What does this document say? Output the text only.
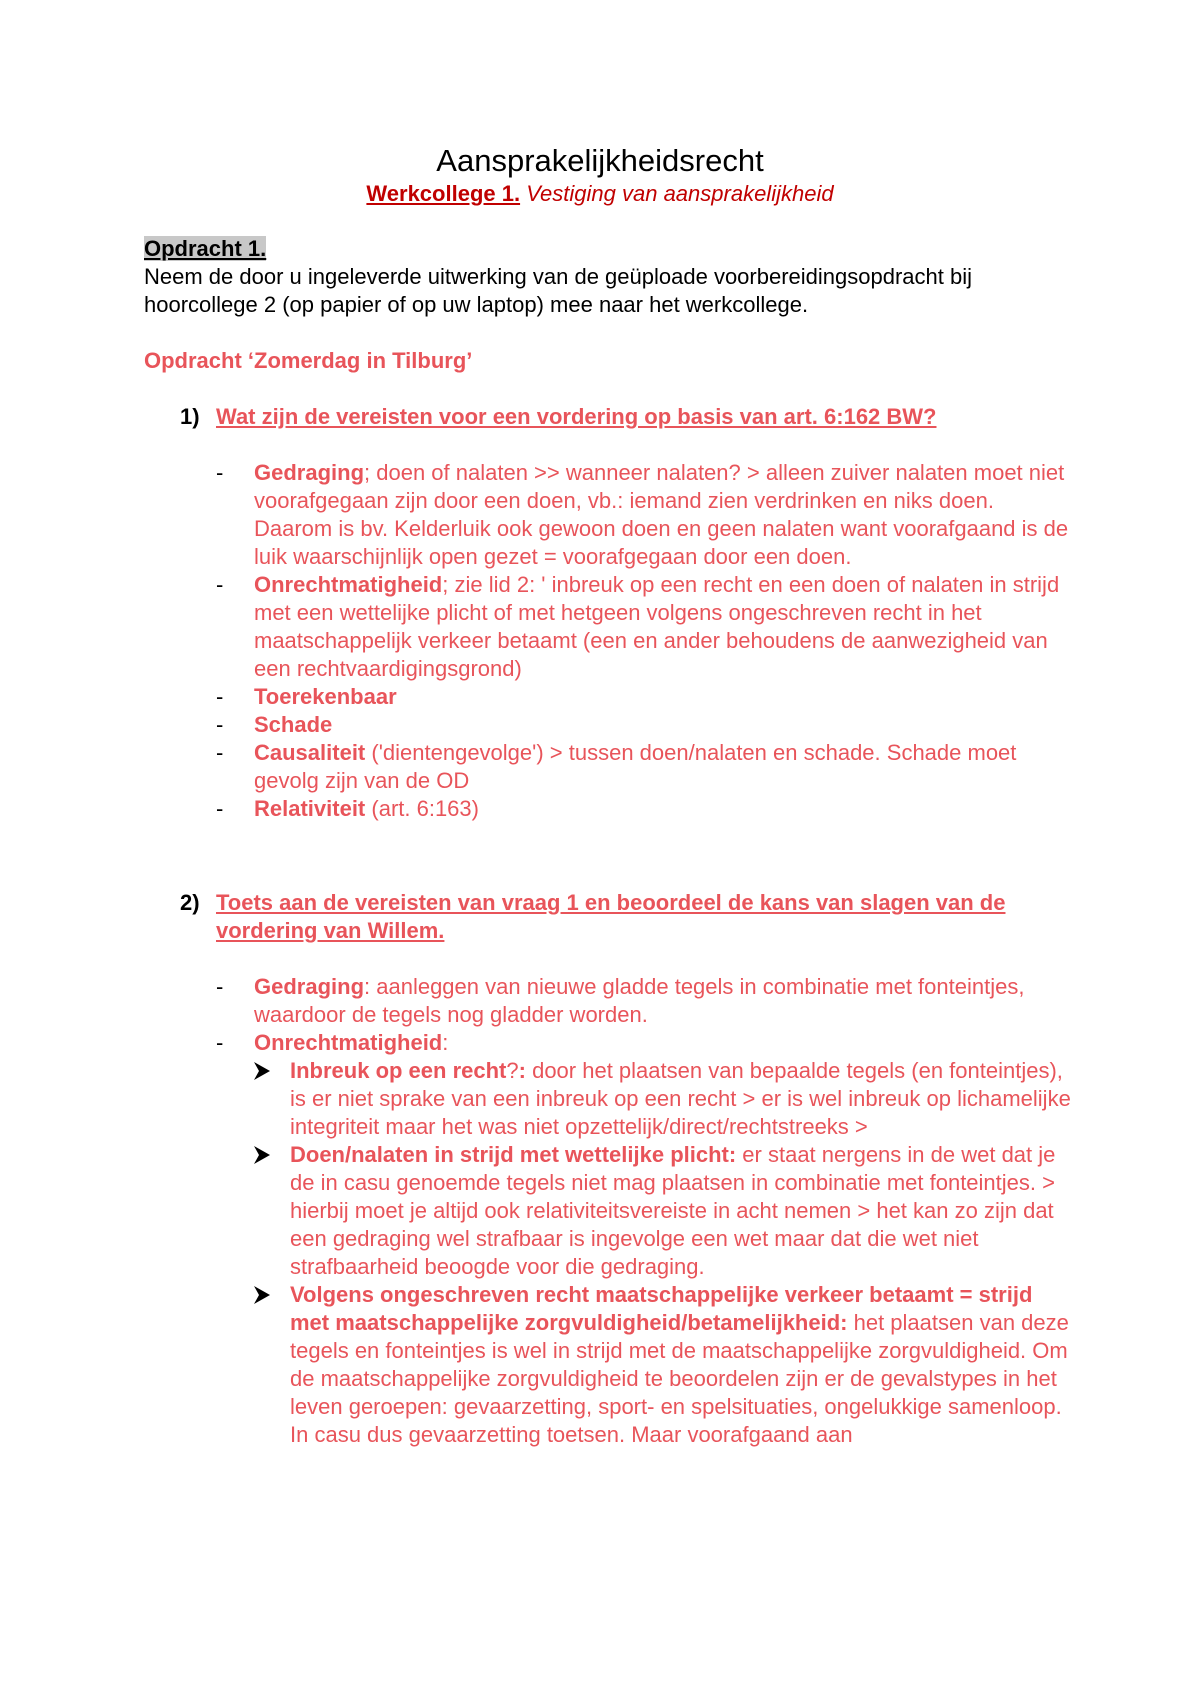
Aansprakelijkheidsrecht
Werkcollege 1. Vestiging van aansprakelijkheid
Opdracht 1.
Neem de door u ingeleverde uitwerking van de geüploade voorbereidingsopdracht bij
hoorcollege 2 (op papier of op uw laptop) mee naar het werkcollege.
Opdracht ‘Zomerdag in Tilburg’
1) Wat zijn de vereisten voor een vordering op basis van art. 6:162 BW?
- Gedraging; doen of nalaten >> wanneer nalaten? > alleen zuiver nalaten moet niet voorafgegaan zijn door een doen, vb.: iemand zien verdrinken en niks doen. Daarom is bv. Kelderluik ook gewoon doen en geen nalaten want voorafgaand is de luik waarschijnlijk open gezet = voorafgegaan door een doen.
- Onrechtmatigheid; zie lid 2: ' inbreuk op een recht en een doen of nalaten in strijd met een wettelijke plicht of met hetgeen volgens ongeschreven recht in het maatschappelijk verkeer betaamt (een en ander behoudens de aanwezigheid van een rechtvaardigingsgrond)
- Toerekenbaar
- Schade
- Causaliteit ('dientengevolge') > tussen doen/nalaten en schade. Schade moet gevolg zijn van de OD
- Relativiteit (art. 6:163)
2) Toets aan de vereisten van vraag 1 en beoordeel de kans van slagen van de vordering van Willem.
- Gedraging: aanleggen van nieuwe gladde tegels in combinatie met fonteintjes, waardoor de tegels nog gladder worden.
- Onrechtmatigheid:
Inbreuk op een recht?: door het plaatsen van bepaalde tegels (en fonteintjes), is er niet sprake van een inbreuk op een recht > er is wel inbreuk op lichamelijke integriteit maar het was niet opzettelijk/direct/rechtstreeks >
Doen/nalaten in strijd met wettelijke plicht: er staat nergens in de wet dat je de in casu genoemde tegels niet mag plaatsen in combinatie met fonteintjes. > hierbij moet je altijd ook relativiteitsvereiste in acht nemen > het kan zo zijn dat een gedraging wel strafbaar is ingevolge een wet maar dat die wet niet strafbaarheid beoogde voor die gedraging.
Volgens ongeschreven recht maatschappelijke verkeer betaamt = strijd met maatschappelijke zorgvuldigheid/betamelijkheid: het plaatsen van deze tegels en fonteintjes is wel in strijd met de maatschappelijke zorgvuldigheid. Om de maatschappelijke zorgvuldigheid te beoordelen zijn er de gevalstypes in het leven geroepen: gevaarzetting, sport- en spelsituaties, ongelukkige samenloop. In casu dus gevaarzetting toetsen. Maar voorafgaand aan
